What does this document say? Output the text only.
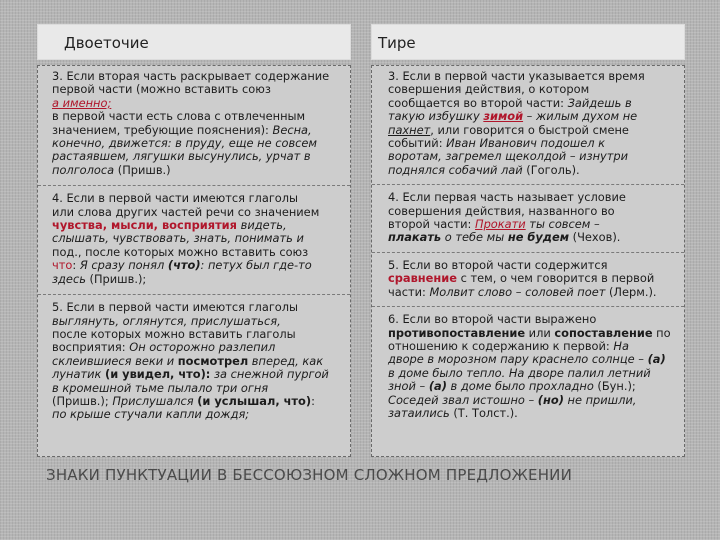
Двоеточие
3. Если вторая часть раскрывает содержание
первой части (можно вставить союз
а именно;
в первой части есть слова с отвлеченным
значением, требующие пояснения): Весна,
конечно, движется: в пруду, еще не совсем
растаявшем, лягушки высунулись, урчат в
полголоса (Пришв.)
4. Если в первой части имеются глаголы
или слова других частей речи со значением
чувства, мысли, восприятия видеть,
слышать, чувствовать, знать, понимать и
под., после которых можно вставить союз
что: Я сразу понял (что): петух был где-то
здесь (Пришв.);
5. Если в первой части имеются глаголы
выглянуть, оглянутся, прислушаться,
после которых можно вставить глаголы
восприятия: Он осторожно разлепил
склеившиеся веки и посмотрел вперед, как
лунатик (и увидел, что): за снежной пургой
в кромешной тьме пылало три огня
(Пришв.); Прислушался (и услышал, что):
по крыше стучали капли дождя;
Тире
3. Если в первой части указывается время
совершения действия, о котором
сообщается во второй части: Зайдешь в
такую избушку зимой – жилым духом не
пахнет, или говорится о быстрой смене
событий: Иван Иванович подошел к
воротам, загремел щеколдой – изнутри
поднялся собачий лай (Гоголь).
4. Если первая часть называет условие
совершения действия, названного во
второй части: Прокати ты совсем –
плакать о тебе мы не будем (Чехов).
5. Если во второй части содержится
сравнение с тем, о чем говорится в первой
части: Молвит слово – соловей поет (Лерм.).
6. Если во второй части выражено
противопоставление или сопоставление по
отношению к содержанию к первой: На
дворе в морозном пару краснело солнце – (а)
в доме было тепло. На дворе палил летний
зной – (а) в доме было прохладно (Бун.);
Соседей звал истошно – (но) не пришли,
затаились (Т. Толст.).
ЗНАКИ ПУНКТУАЦИИ В БЕССОЮЗНОМ СЛОЖНОМ ПРЕДЛОЖЕНИИ
